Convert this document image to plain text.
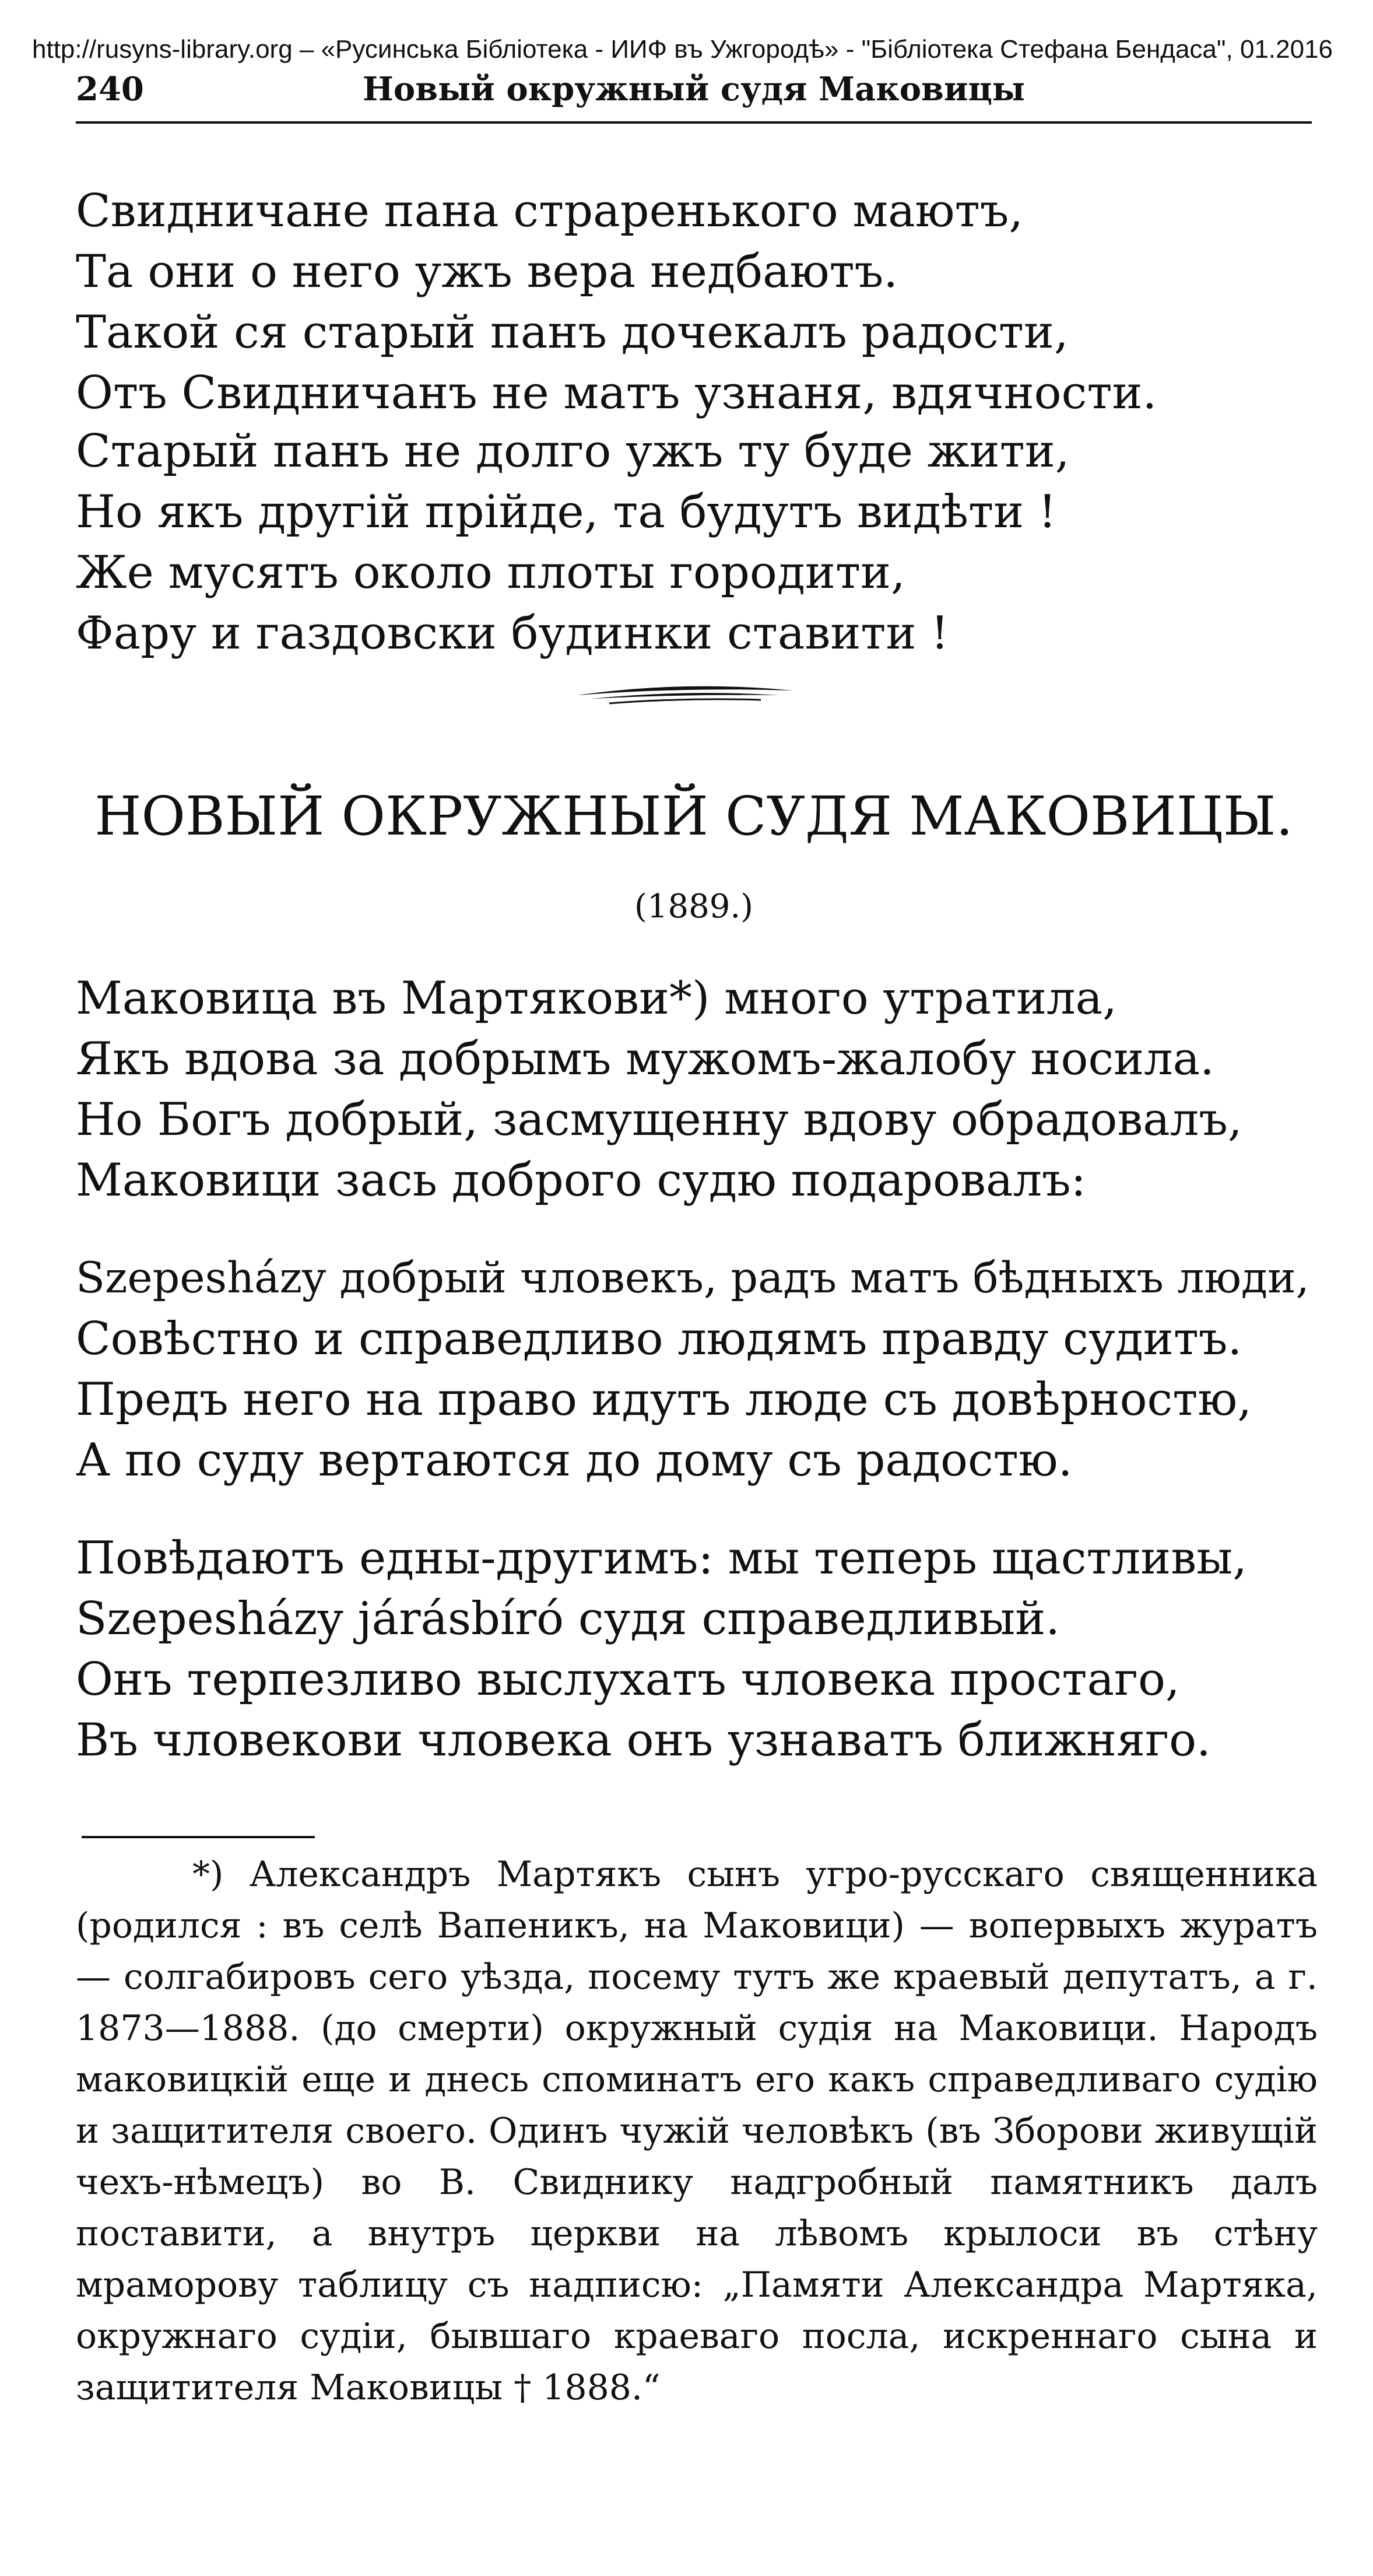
http://rusyns-library.org – «Русинська Бібліотека - ИИФ въ Ужгородѣ» - "Бібліотека Стефана Бендаса", 01.2016
240	Новый окружный судя Маковицы
Свидничане пана страренького маютъ,
Та они о него ужъ вера недбаютъ.
Такой ся старый панъ дочекалъ радости,
Отъ Свидничанъ не матъ узнаня, вдячности.
Старый панъ не долго ужъ ту буде жити,
Но якъ другій прійде, та будутъ видѣти !
Же мусятъ около плоты городити,
Фару и газдовски будинки ставити !
НОВЫЙ ОКРУЖНЫЙ СУДЯ МАКОВИЦЫ.
(1889.)
Маковица въ Мартякови*) много утратила,
Якъ вдова за добрымъ мужомъ-жалобу носила.
Но Богъ добрый, засмущенну вдову обрадовалъ,
Маковици зась доброго судю подаровалъ:
Szepesházy добрый чловекъ, радъ матъ бѣдныхъ люди,
Совѣстно и справедливо людямъ правду судитъ.
Предъ него на право идутъ люде съ довѣрностю,
А по суду вертаются до дому съ радостю.
Повѣдаютъ едны-другимъ: мы теперь щастливы,
Szepesházy járásbíró судя справедливый.
Онъ терпезливо выслухатъ чловека простаго,
Въ чловекови чловека онъ узнаватъ ближняго.

*) Александръ Мартякъ сынъ угро-русскаго священника (родился : въ селѣ Вапеникъ, на Маковици) — вопервыхъ журатъ — солгабировъ сего уѣзда, посему тутъ же краевый депутатъ, а г. 1873—1888. (до смерти) окружный судія на Маковици. Народъ маковицкій еще и днесь споминатъ его какъ справедливаго судію и защитителя своего. Одинъ чужій человѣкъ (въ Зборови живущій чехъ-нѣмецъ) во В. Свиднику надгробный памятникъ далъ поставити, а внутръ церкви на лѣвомъ крылоси въ стѣну мраморову таблицу съ надписю: „Памяти Александра Мартяка, окружнаго судіи, бывшаго краеваго посла, искреннаго сына и защитителя Маковицы † 1888.“
